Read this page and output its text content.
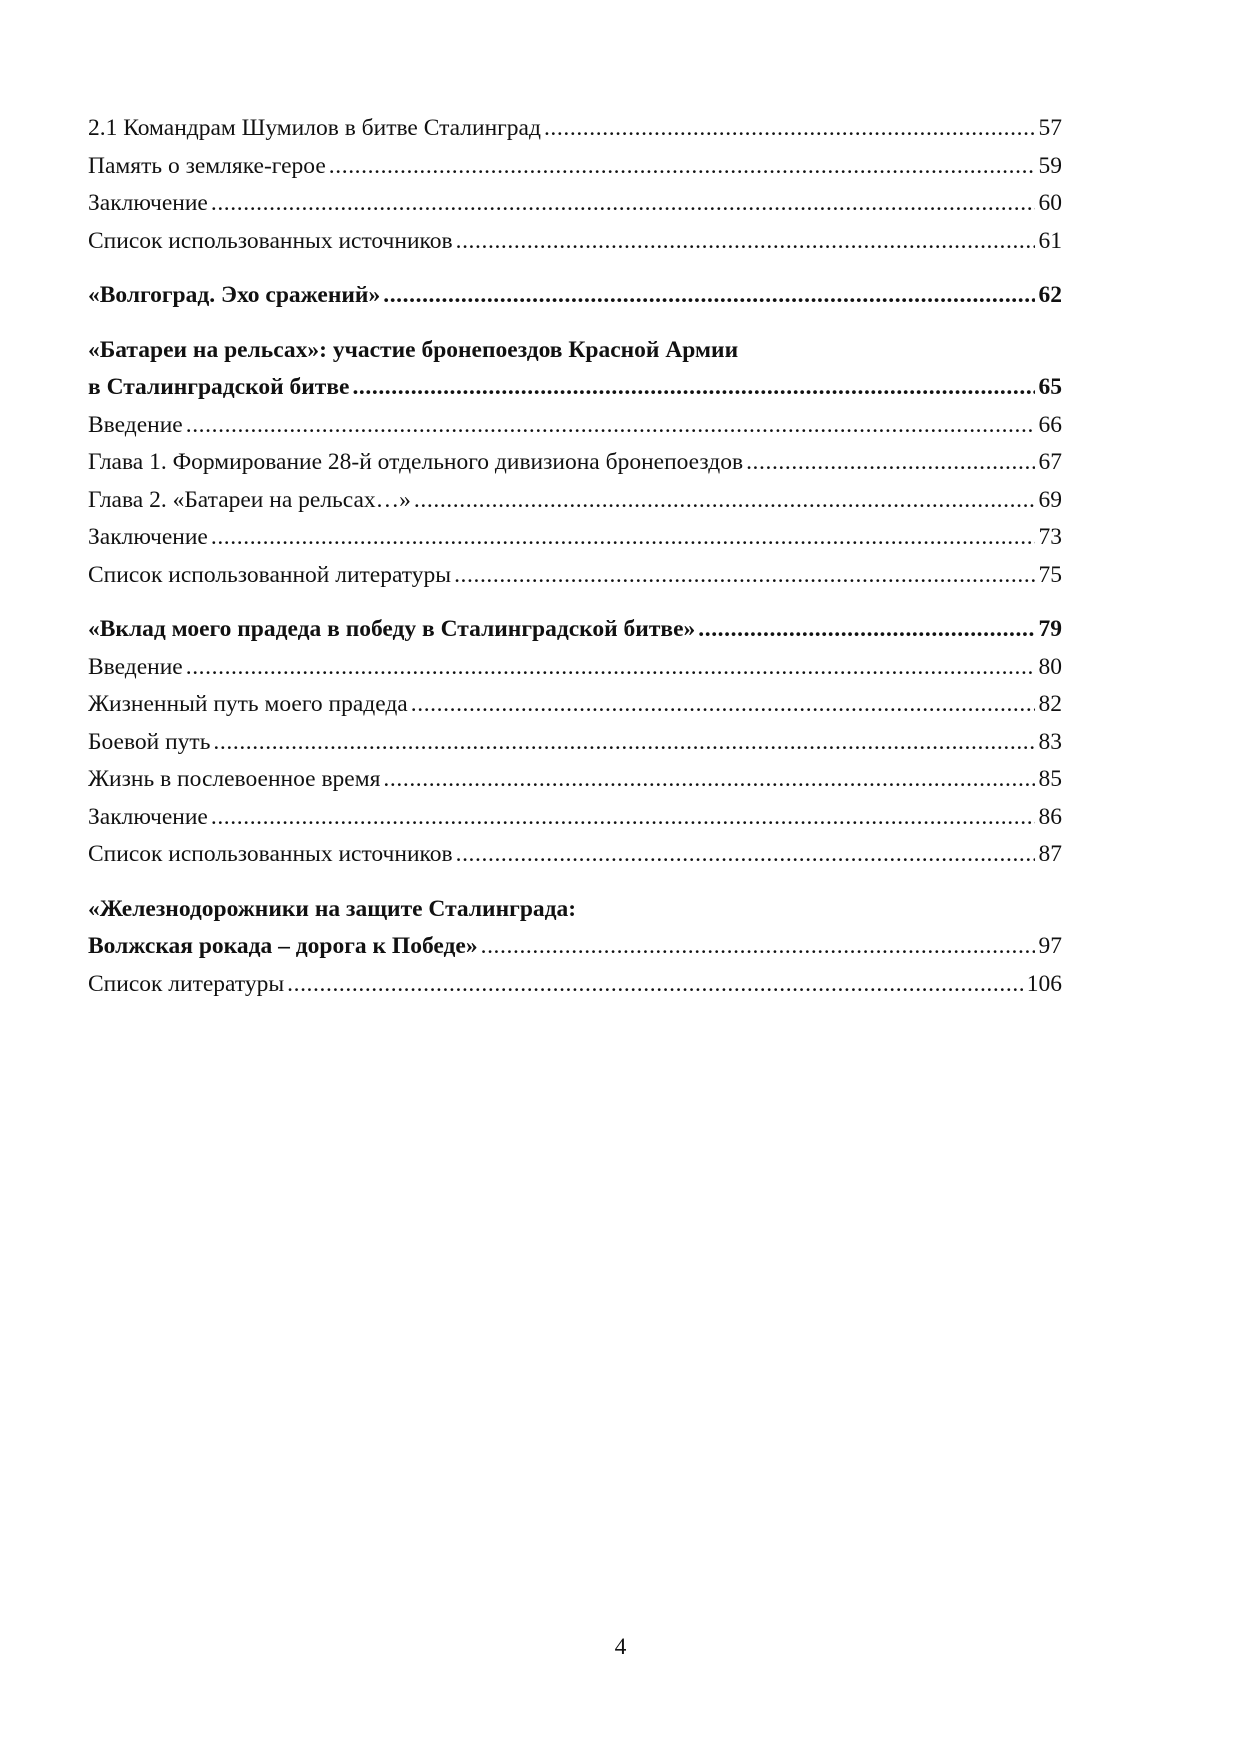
2.1 Командрам Шумилов в битве Сталинград .....	57
Память о земляке-герое .....	59
Заключение .....	60
Список использованных источников .....	61
«Волгоград. Эхо сражений» .....	62
«Батареи на рельсах»: участие бронепоездов Красной Армии
в Сталинградской битве .....	65
Введение .....	66
Глава 1. Формирование 28-й отдельного дивизиона бронепоездов .....	67
Глава 2. «Батареи на рельсах…» .....	69
Заключение .....	73
Список использованной литературы .....	75
«Вклад моего прадеда в победу в Сталинградской битве» .....	79
Введение .....	80
Жизненный путь моего прадеда .....	82
Боевой путь .....	83
Жизнь в послевоенное время .....	85
Заключение .....	86
Список использованных источников .....	87
«Железнодорожники на защите Сталинграда:
Волжская рокада – дорога к Победе» .....	97
Список литературы .....	106
4
